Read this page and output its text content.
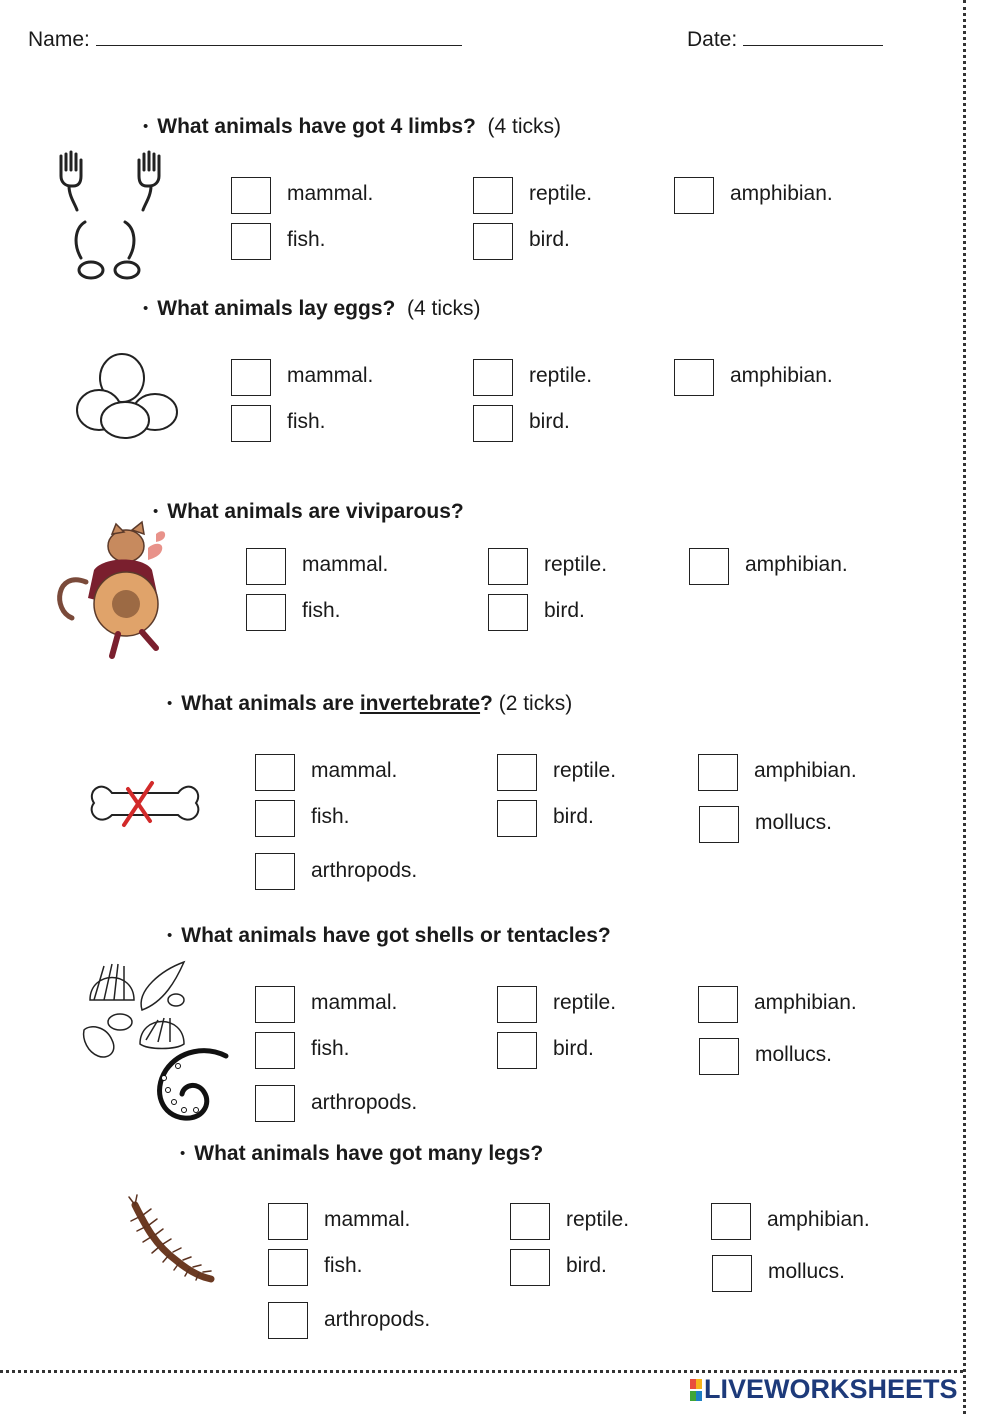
Name:	Date:
• What animals have got 4 limbs? (4 ticks)
mammal.	reptile.	amphibian.
fish.	bird.
• What animals lay eggs? (4 ticks)
mammal.	reptile.	amphibian.
fish.	bird.
• What animals are viviparous?
mammal.	reptile.	amphibian.
fish.	bird.
• What animals are invertebrate? (2 ticks)
mammal.	reptile.	amphibian.
fish.	bird.	mollucs.
arthropods.
• What animals have got shells or tentacles?
mammal.	reptile.	amphibian.
fish.	bird.	mollucs.
arthropods.
• What animals have got many legs?
mammal.	reptile.	amphibian.
fish.	bird.	mollucs.
arthropods.
LIVEWORKSHEETS
